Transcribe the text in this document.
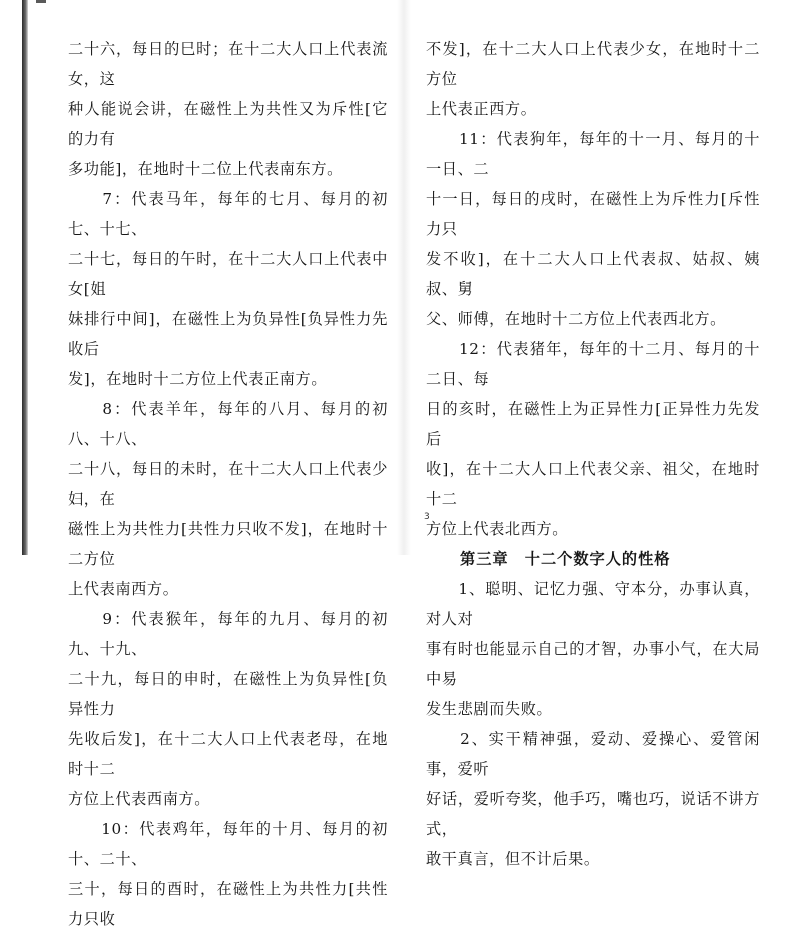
二十六，每日的巳时；在十二大人口上代表流女，这
种人能说会讲，在磁性上为共性又为斥性[它的力有
多功能]，在地时十二位上代表南东方。

　　7：代表马年，每年的七月、每月的初七、十七、
二十七，每日的午时，在十二大人口上代表中女[姐
妹排行中间]，在磁性上为负异性[负异性力先收后
发]，在地时十二方位上代表正南方。

　　8：代表羊年，每年的八月、每月的初八、十八、
二十八，每日的未时，在十二大人口上代表少妇，在
磁性上为共性力[共性力只收不发]，在地时十二方位
上代表南西方。

　　9：代表猴年，每年的九月、每月的初九、十九、
二十九，每日的申时，在磁性上为负异性[负异性力
先收后发]，在十二大人口上代表老母，在地时十二
方位上代表西南方。

　　10：代表鸡年，每年的十月、每月的初十、二十、
三十，每日的酉时，在磁性上为共性力[共性力只收

不发]，在十二大人口上代表少女，在地时十二方位
上代表正西方。

　　11：代表狗年，每年的十一月、每月的十一日、二
十一日，每日的戌时，在磁性上为斥性力[斥性力只
发不收]，在十二大人口上代表叔、姑叔、姨叔、舅
父、师傅，在地时十二方位上代表西北方。

　　12：代表猪年，每年的十二月、每月的十二日、每
日的亥时，在磁性上为正异性力[正异性力先发后
收]，在十二大人口上代表父亲、祖父，在地时十二
方位上代表北西方。

第三章　十二个数字人的性格

　　1、聪明、记忆力强、守本分，办事认真，对人对
事有时也能显示自己的才智，办事小气，在大局中易
发生悲剧而失败。

　　2、实干精神强，爱动、爱操心、爱管闲事，爱听
好话，爱听夸奖，他手巧，嘴也巧，说话不讲方式，
敢干真言，但不计后果。

3
